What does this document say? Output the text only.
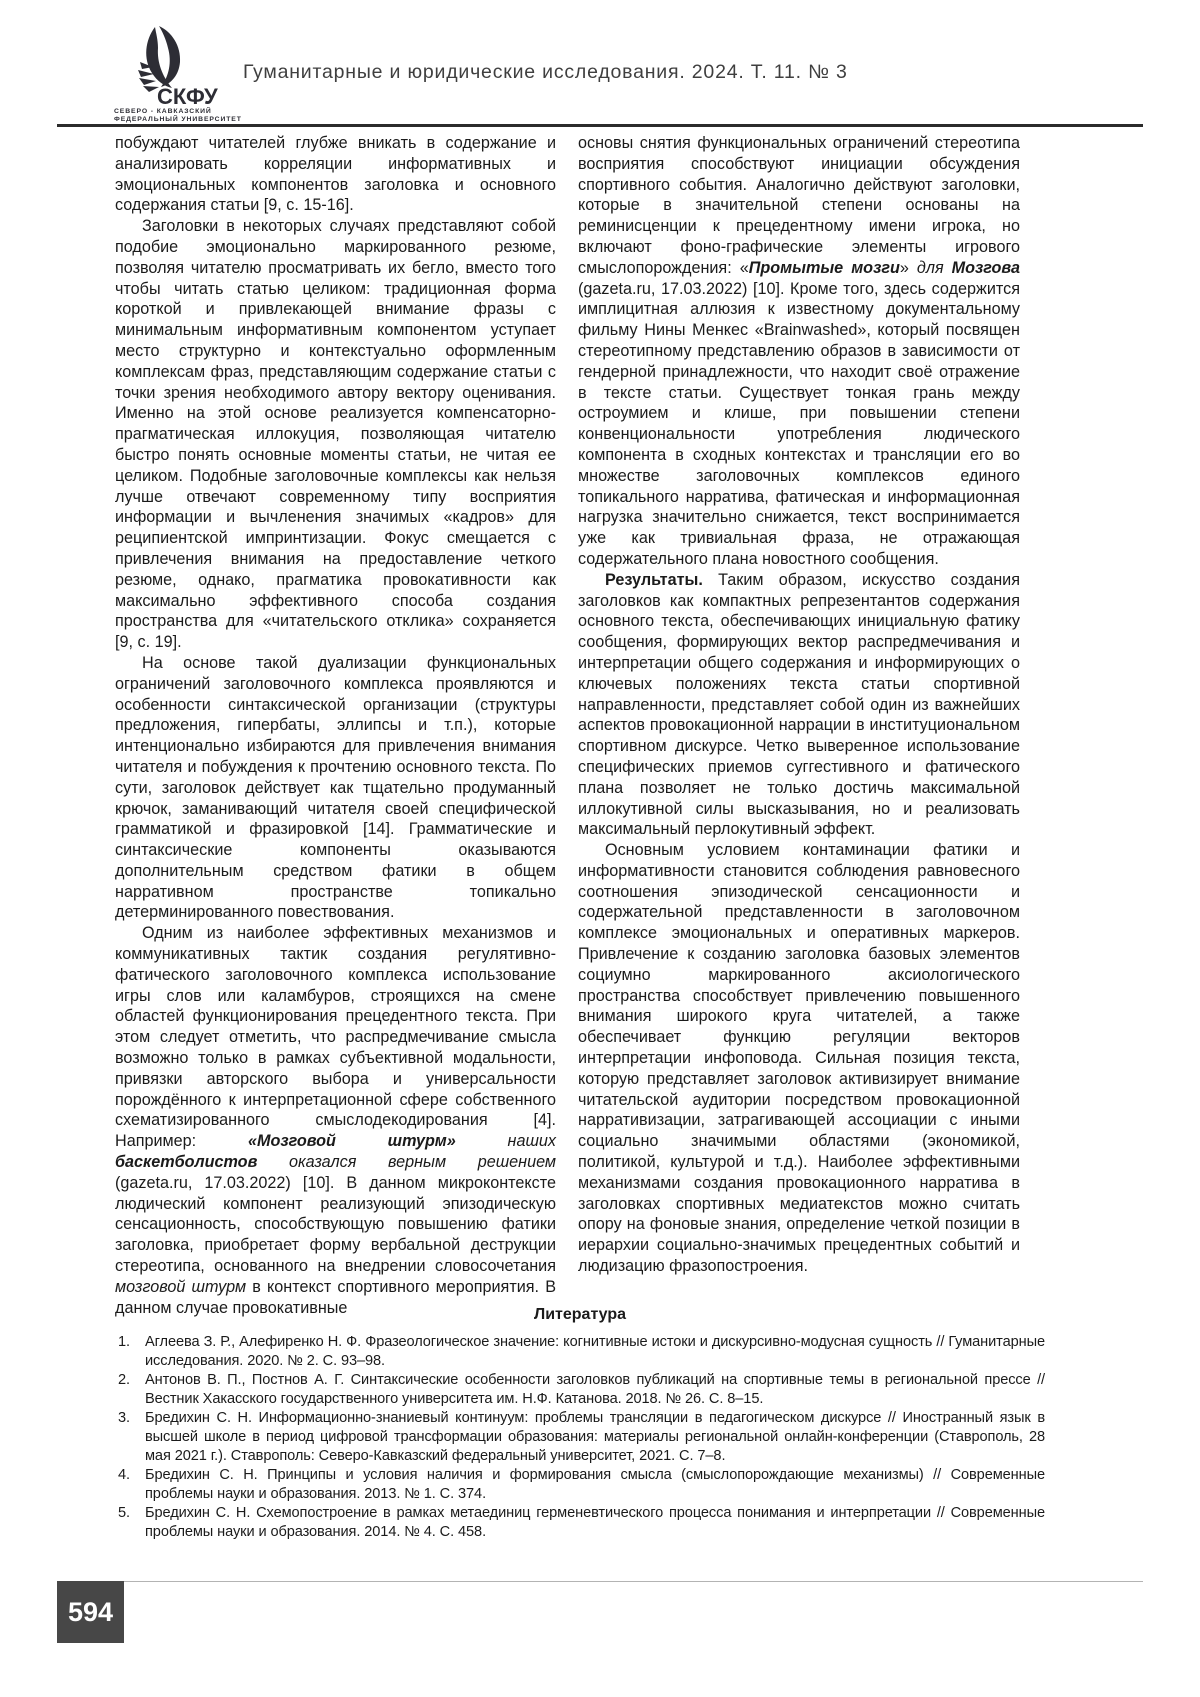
СКФУ
СЕВЕРО - КАВКАЗСКИЙ
ФЕДЕРАЛЬНЫЙ УНИВЕРСИТЕТ
Гуманитарные и юридические исследования. 2024. Т. 11. № 3

побуждают читателей глубже вникать в содержание и анализировать корреляции информативных и эмоциональных компонентов заголовка и основного содержания статьи [9, с. 15-16].

Заголовки в некоторых случаях представляют собой подобие эмоционально маркированного резюме, позволяя читателю просматривать их бегло, вместо того чтобы читать статью целиком: традиционная форма короткой и привлекающей внимание фразы с минимальным информативным компонентом уступает место структурно и контекстуально оформленным комплексам фраз, представляющим содержание статьи с точки зрения необходимого автору вектору оценивания. Именно на этой основе реализуется компенсаторно-прагматическая иллокуция, позволяющая читателю быстро понять основные моменты статьи, не читая ее целиком. Подобные заголовочные комплексы как нельзя лучше отвечают современному типу восприятия информации и вычленения значимых «кадров» для реципиентской импринтизации. Фокус смещается с привлечения внимания на предоставление четкого резюме, однако, прагматика провокативности как максимально эффективного способа создания пространства для «читательского отклика» сохраняется [9, с. 19].

На основе такой дуализации функциональных ограничений заголовочного комплекса проявляются и особенности синтаксической организации (структуры предложения, гипербаты, эллипсы и т.п.), которые интенционально избираются для привлечения внимания читателя и побуждения к прочтению основного текста. По сути, заголовок действует как тщательно продуманный крючок, заманивающий читателя своей специфической грамматикой и фразировкой [14]. Грамматические и синтаксические компоненты оказываются дополнительным средством фатики в общем нарративном пространстве топикально детерминированного повествования.

Одним из наиболее эффективных механизмов и коммуникативных тактик создания регулятивно-фатического заголовочного комплекса использование игры слов или каламбуров, строящихся на смене областей функционирования прецедентного текста. При этом следует отметить, что распредмечивание смысла возможно только в рамках субъективной модальности, привязки авторского выбора и универсальности порождённого к интерпретационной сфере собственного схематизированного смыслодекодирования [4]. Например: «Мозговой штурм» наших баскетболистов оказался верным решением (gazeta.ru, 17.03.2022) [10]. В данном микроконтексте людический компонент реализующий эпизодическую сенсационность, способствующую повышению фатики заголовка, приобретает форму вербальной деструкции стереотипа, основанного на внедрении словосочетания мозговой штурм в контекст спортивного мероприятия. В данном случае провокативные

основы снятия функциональных ограничений стереотипа восприятия способствуют инициации обсуждения спортивного события. Аналогично действуют заголовки, которые в значительной степени основаны на реминисценции к прецедентному имени игрока, но включают фоно-графические элементы игрового смыслопорождения: «Промытые мозги» для Мозгова (gazeta.ru, 17.03.2022) [10]. Кроме того, здесь содержится имплицитная аллюзия к известному документальному фильму Нины Менкес «Brainwashed», который посвящен стереотипному представлению образов в зависимости от гендерной принадлежности, что находит своё отражение в тексте статьи. Существует тонкая грань между остроумием и клише, при повышении степени конвенциональности употребления людического компонента в сходных контекстах и трансляции его во множестве заголовочных комплексов единого топикального нарратива, фатическая и информационная нагрузка значительно снижается, текст воспринимается уже как тривиальная фраза, не отражающая содержательного плана новостного сообщения.

Результаты. Таким образом, искусство создания заголовков как компактных репрезентантов содержания основного текста, обеспечивающих инициальную фатику сообщения, формирующих вектор распредмечивания и интерпретации общего содержания и информирующих о ключевых положениях текста статьи спортивной направленности, представляет собой один из важнейших аспектов провокационной наррации в институциональном спортивном дискурсе. Четко выверенное использование специфических приемов суггестивного и фатического плана позволяет не только достичь максимальной иллокутивной силы высказывания, но и реализовать максимальный перлокутивный эффект.

Основным условием контаминации фатики и информативности становится соблюдения равновесного соотношения эпизодической сенсационности и содержательной представленности в заголовочном комплексе эмоциональных и оперативных маркеров. Привлечение к созданию заголовка базовых элементов социумно маркированного аксиологического пространства способствует привлечению повышенного внимания широкого круга читателей, а также обеспечивает функцию регуляции векторов интерпретации инфоповода. Сильная позиция текста, которую представляет заголовок активизирует внимание читательской аудитории посредством провокационной нарративизации, затрагивающей ассоциации с иными социально значимыми областями (экономикой, политикой, культурой и т.д.). Наиболее эффективными механизмами создания провокационного нарратива в заголовках спортивных медиатекстов можно считать опору на фоновые знания, определение четкой позиции в иерархии социально-значимых прецедентных событий и людизацию фразопостроения.

Литература
1.	Аглеева З. Р., Алефиренко Н. Ф. Фразеологическое значение: когнитивные истоки и дискурсивно-модусная сущность // Гуманитарные исследования. 2020. № 2. С. 93–98.
2.	Антонов В. П., Постнов А. Г. Синтаксические особенности заголовков публикаций на спортивные темы в региональной прессе // Вестник Хакасского государственного университета им. Н.Ф. Катанова. 2018. № 26. С. 8–15.
3.	Бредихин С. Н. Информационно-знаниевый континуум: проблемы трансляции в педагогическом дискурсе // Иностранный язык в высшей школе в период цифровой трансформации образования: материалы региональной онлайн-конференции (Ставрополь, 28 мая 2021 г.). Ставрополь: Северо-Кавказский федеральный университет, 2021. С. 7–8.
4.	Бредихин С. Н. Принципы и условия наличия и формирования смысла (смыслопорождающие механизмы) // Современные проблемы науки и образования. 2013. № 1. С. 374.
5.	Бредихин С. Н. Схемопостроение в рамках метаединиц герменевтического процесса понимания и интерпретации // Современные проблемы науки и образования. 2014. № 4. С. 458.
594
